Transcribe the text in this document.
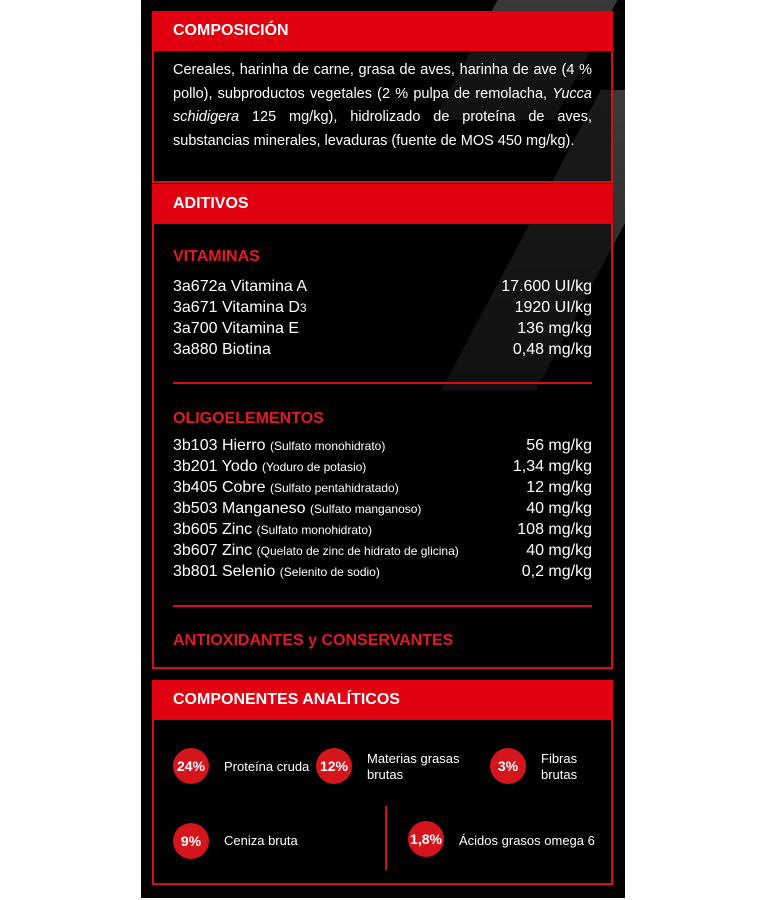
COMPOSICIÓN
Cereales, harinha de carne, grasa de aves, harinha de ave (4 % pollo), subproductos vegetales (2 % pulpa de remolacha, Yucca schidigera 125 mg/kg), hidrolizado de proteína de aves, substancias minerales, levaduras (fuente de MOS 450 mg/kg).
ADITIVOS
VITAMINAS
3a672a Vitamina A	17.600 UI/kg
3a671 Vitamina D3	1920 UI/kg
3a700 Vitamina E	136 mg/kg
3a880 Biotina	0,48 mg/kg
OLIGOELEMENTOS
3b103 Hierro (Sulfato monohidrato)	56 mg/kg
3b201 Yodo (Yoduro de potasio)	1,34 mg/kg
3b405 Cobre (Sulfato pentahidratado)	12 mg/kg
3b503 Manganeso (Sulfato manganoso)	40 mg/kg
3b605 Zinc (Sulfato monohidrato)	108 mg/kg
3b607 Zinc (Quelato de zinc de hidrato de glicina)	40 mg/kg
3b801 Selenio (Selenito de sodio)	0,2 mg/kg
ANTIOXIDANTES y CONSERVANTES
COMPONENTES ANALÍTICOS
24%	Proteína cruda 12%	Materias grasas
brutas
3%	Fibras
brutas
9%	Ceniza bruta	1,8% Ácidos grasos omega 6
